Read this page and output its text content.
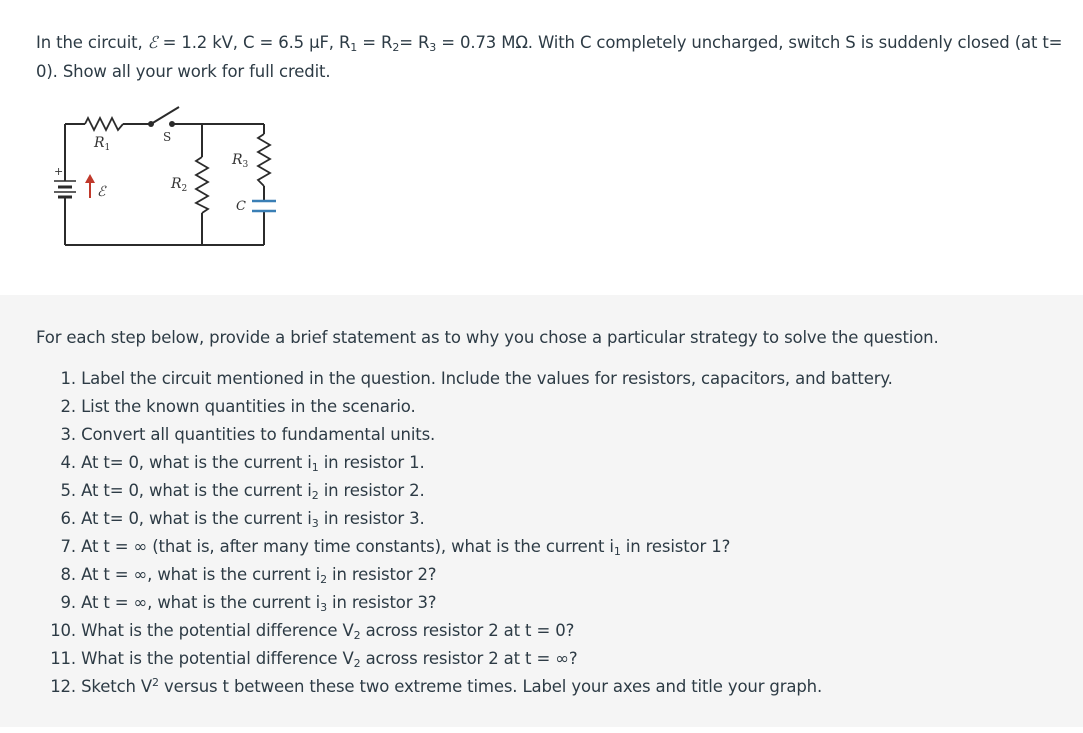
In the circuit, ℰ = 1.2 kV, C = 6.5 μF, $R_1 = R_2= R_3 = 0.73$ MΩ. With C completely uncharged, switch S is suddenly closed (at t= 0). Show all your work for full credit.
+
ℰ
S
$R_1$
$R_2$
$R_3$
C
For each step below, provide a brief statement as to why you chose a particular strategy to solve the question.
1. Label the circuit mentioned in the question. Include the values for resistors, capacitors, and battery.
2. List the known quantities in the scenario.
3. Convert all quantities to fundamental units.
4. At t= 0, what is the current $i_1$ in resistor 1.
5. At t= 0, what is the current $i_2$ in resistor 2.
6. At t= 0, what is the current $i_3$ in resistor 3.
7. At t = ∞ (that is, after many time constants), what is the current $i_1$ in resistor 1?
8. At t = ∞, what is the current $i_2$ in resistor 2?
9. At t = ∞, what is the current $i_3$ in resistor 3?
10. What is the potential difference $V_2$ across resistor 2 at t = 0?
11. What is the potential difference $V_2$ across resistor 2 at t = ∞?
12. Sketch $V^2$ versus t between these two extreme times. Label your axes and title your graph.
